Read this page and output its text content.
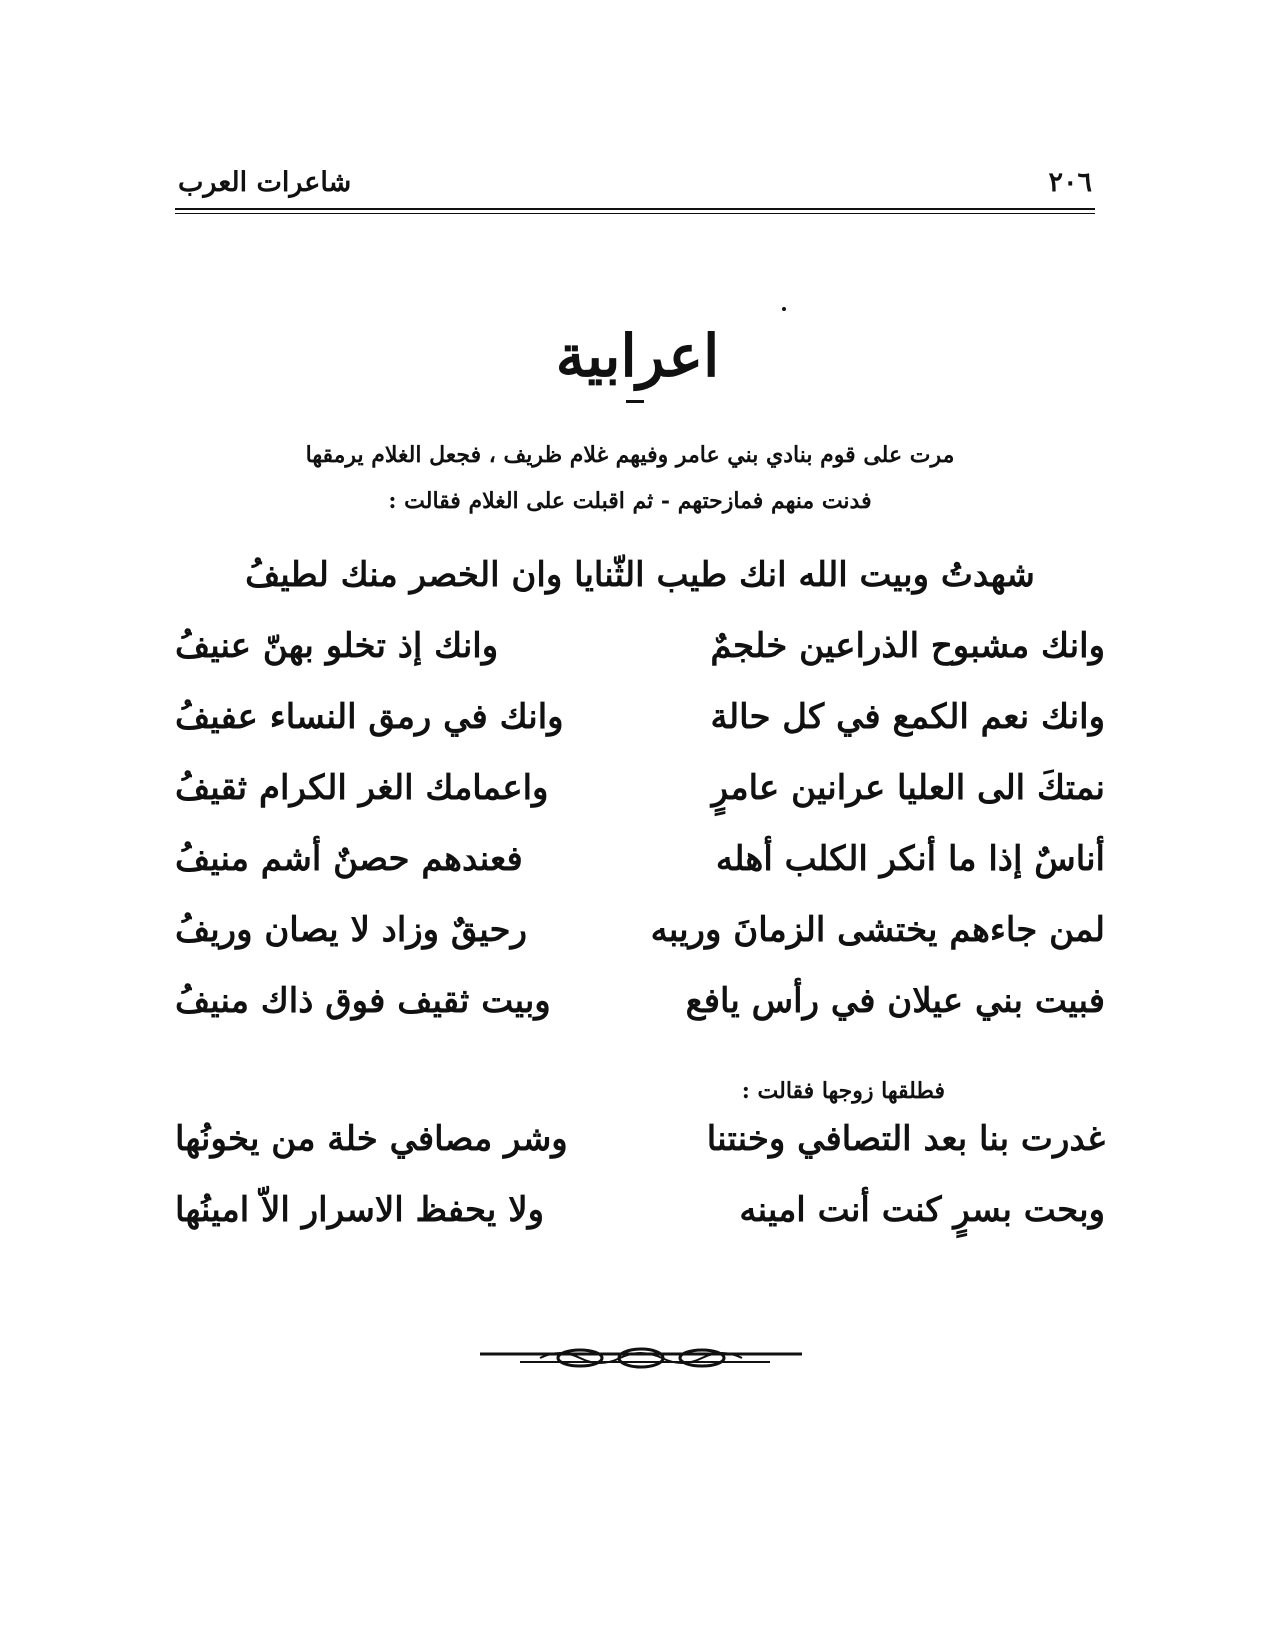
٢٠٦
شاعرات العرب
اعرابية
مرت على قوم بنادي بني عامر وفيهم غلام ظريف ، فجعل الغلام يرمقها
فدنت منهم فمازحتهم - ثم اقبلت على الغلام فقالت :
شهدتُ وبيت الله انك طيب الثّنايا وان الخصر منك لطيفُ
وانك مشبوح الذراعين خلجمٌ
وانك إذ تخلو بهنّ عنيفُ
وانك نعم الكمع في كل حالة
وانك في رمق النساء عفيفُ
نمتكَ الى العليا عرانين عامرٍ
واعمامك الغر الكرام ثقيفُ
أناسٌ إذا ما أنكر الكلب أهله
فعندهم حصنٌ أشم منيفُ
لمن جاءهم يختشى الزمانَ وريبه
رحيقٌ وزاد لا يصان وريفُ
فبيت بني عيلان في رأس يافع
وبيت ثقيف فوق ذاك منيفُ
فطلقها زوجها فقالت :
غدرت بنا بعد التصافي وخنتنا
وشر مصافي خلة من يخونُها
وبحت بسرٍ كنت أنت امينه
ولا يحفظ الاسرار الاّ امينُها
